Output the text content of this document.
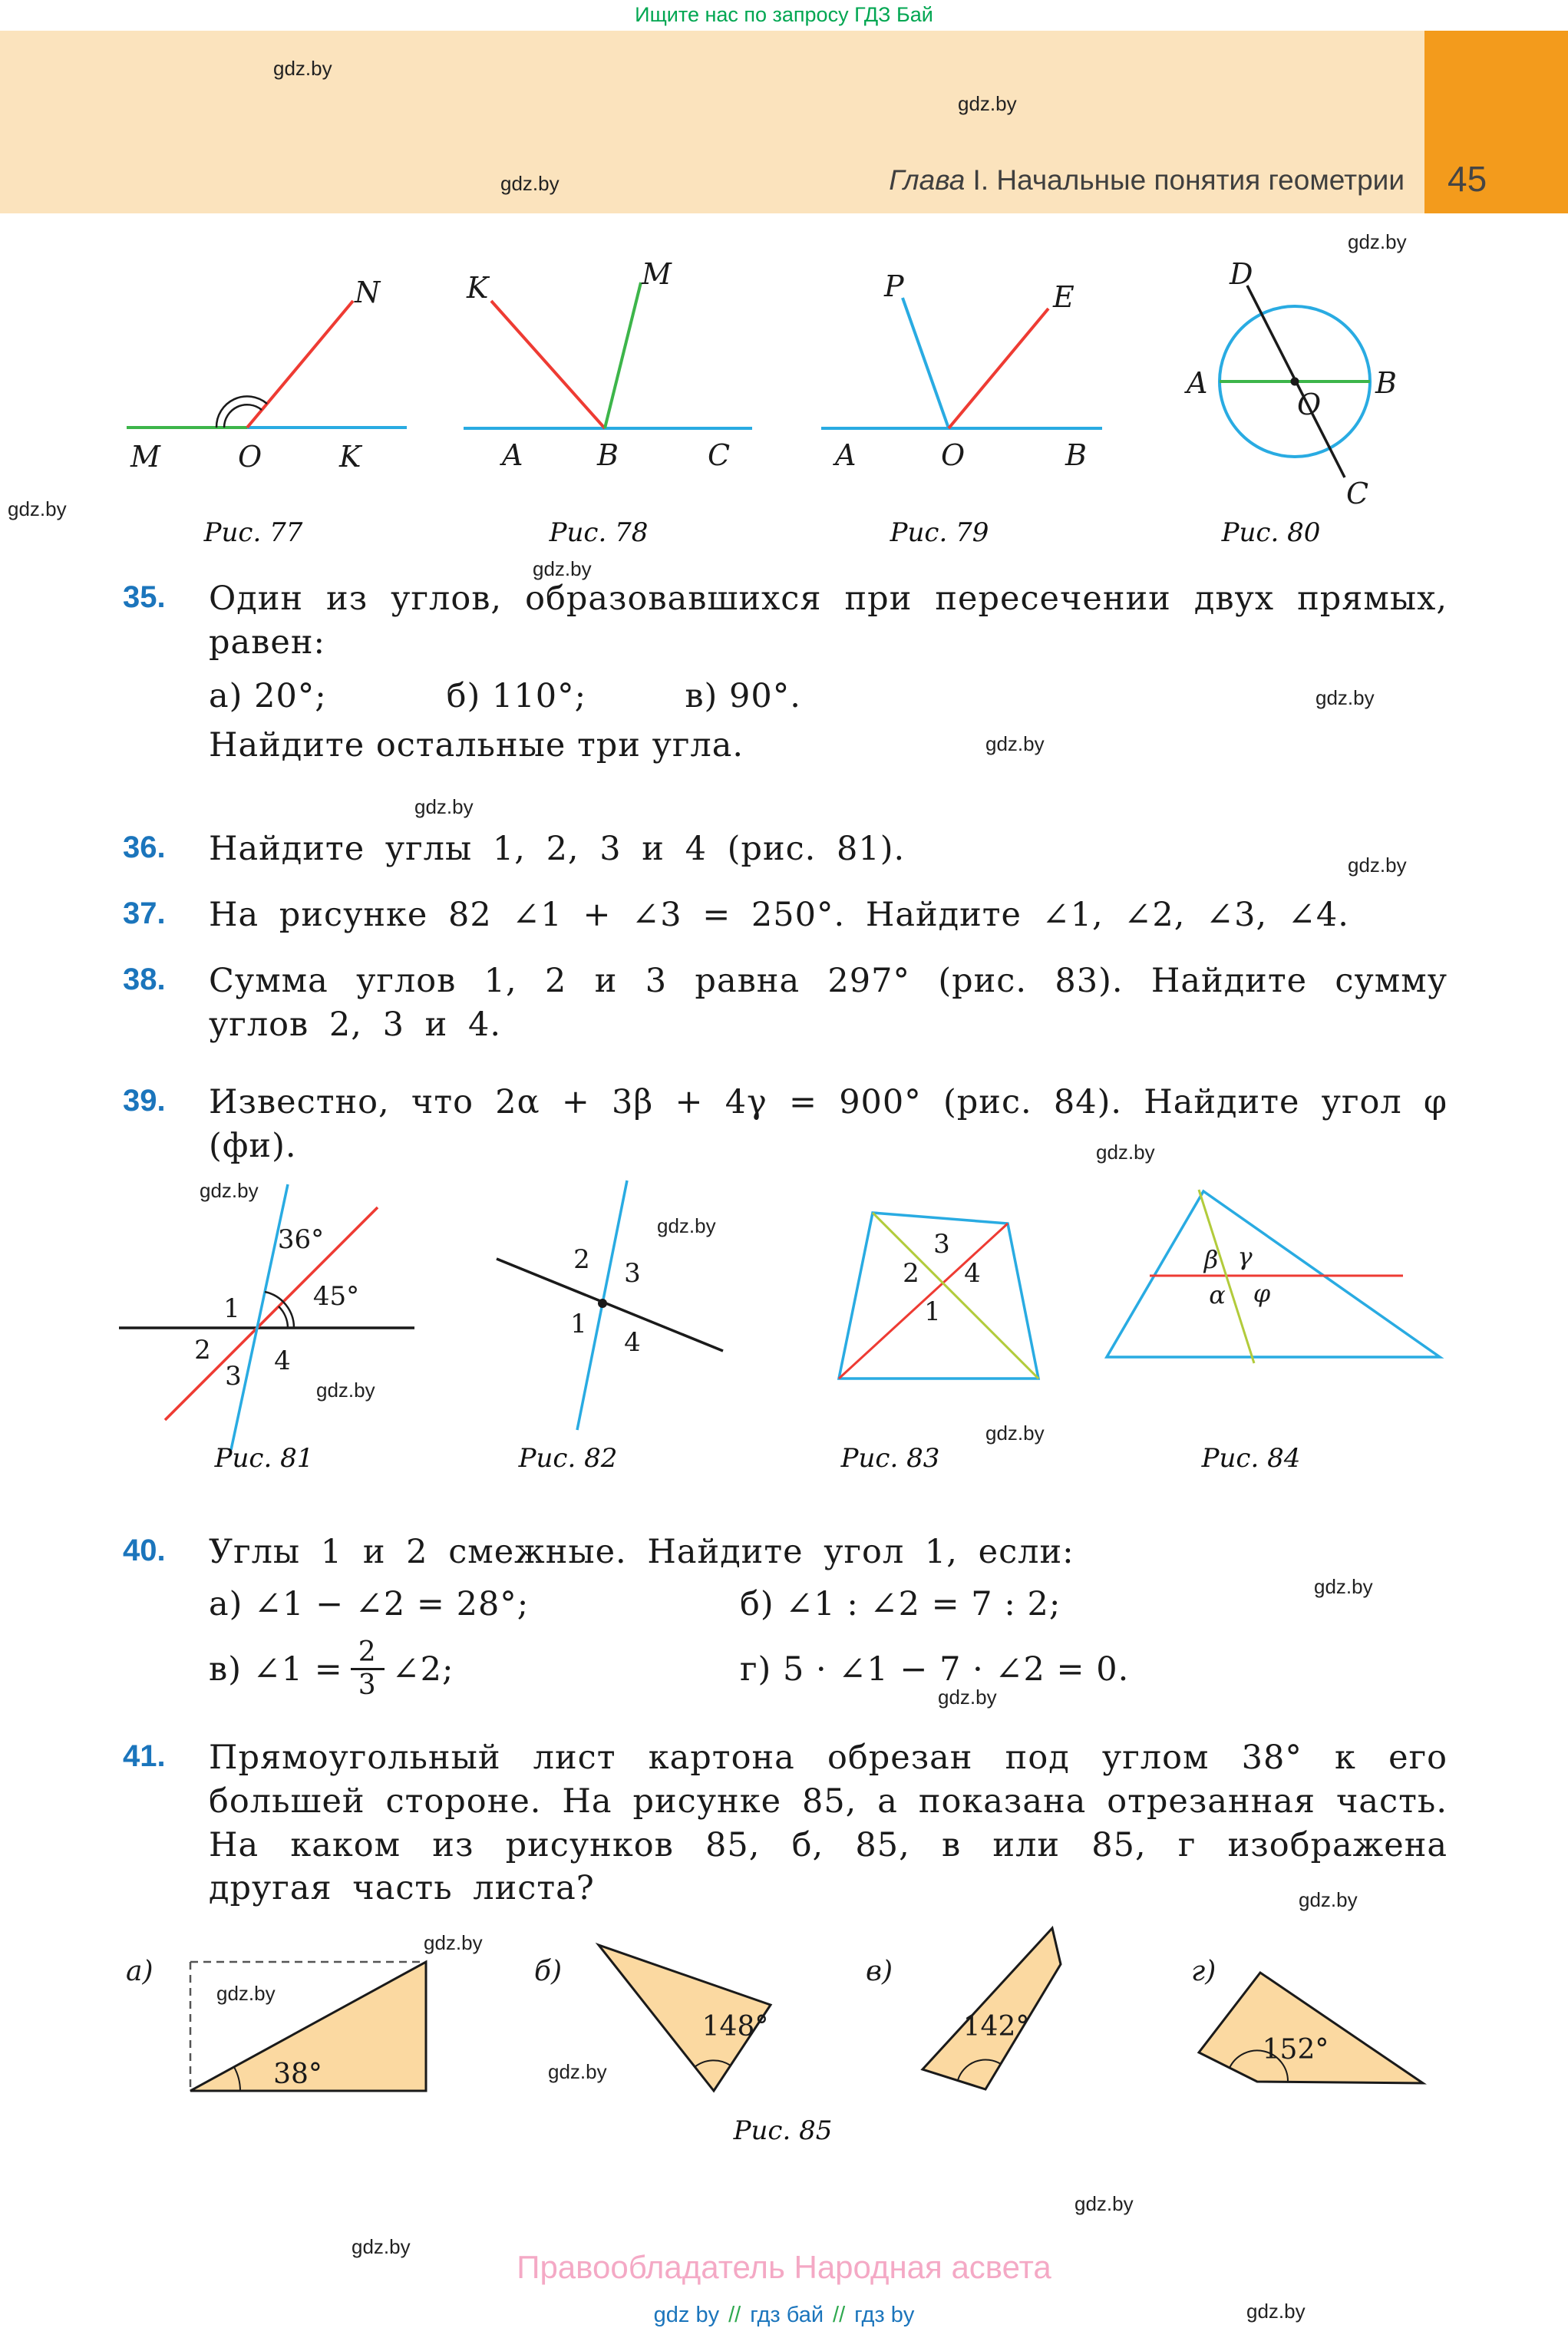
Ищите нас по запросу ГДЗ Бай
Глава I. Начальные понятия геометрии 45
N
M	O	K
Рис. 77
K	M
A	B	C
Рис. 78
P	E
A	O	B
Рис. 79
D
A	B
C
O
Рис. 80
35. Один из углов, образовавшихся при пересечении двух прямых, равен:
а) 20°;	б) 110°;	в) 90°.
Найдите остальные три угла.
36. Найдите углы 1, 2, 3 и 4 (рис. 81).
37. На рисунке 82 ∠1 + ∠3 = 250°. Найдите ∠1, ∠2, ∠3, ∠4.
38. Сумма углов 1, 2 и 3 равна 297° (рис. 83). Найдите сумму углов 2, 3 и 4.
39. Известно, что 2α + 3β + 4γ = 900° (рис. 84). Найдите угол φ (фи).
36°
45°
1
2
3 4
Рис. 81
2 3
1
4
Рис. 82
2
3
4
1
Рис. 83
β γ
α φ
Рис. 84
40. Углы 1 и 2 смежные. Найдите угол 1, если:
а) ∠1 − ∠2 = 28°;	б) ∠1 : ∠2 = 7 : 2;
в) ∠1 = $\frac{2}{3}$ ∠2;	г) 5 · ∠1 − 7 · ∠2 = 0.
41. Прямоугольный лист картона обрезан под углом 38° к его большей стороне. На рисунке 85, а показана отрезанная часть. На каком из рисунков 85, б, 85, в или 85, г изображена другая часть листа?
а)	б)	в)	г)
38°
148°	142°
152°
Рис. 85
Правообладатель Народная асвета
gdz by // гдз бай // гдз by
gdz.by
gdz.by
gdz.by
gdz.by
gdz.by
gdz.by
gdz.by
gdz.by
gdz.by
gdz.by
gdz.by
gdz.by
gdz.by
gdz.by
gdz.by
gdz.by
gdz.by
gdz.by
gdz.by
gdz.by
gdz.by
gdz.by
gdz.by
gdz.by
